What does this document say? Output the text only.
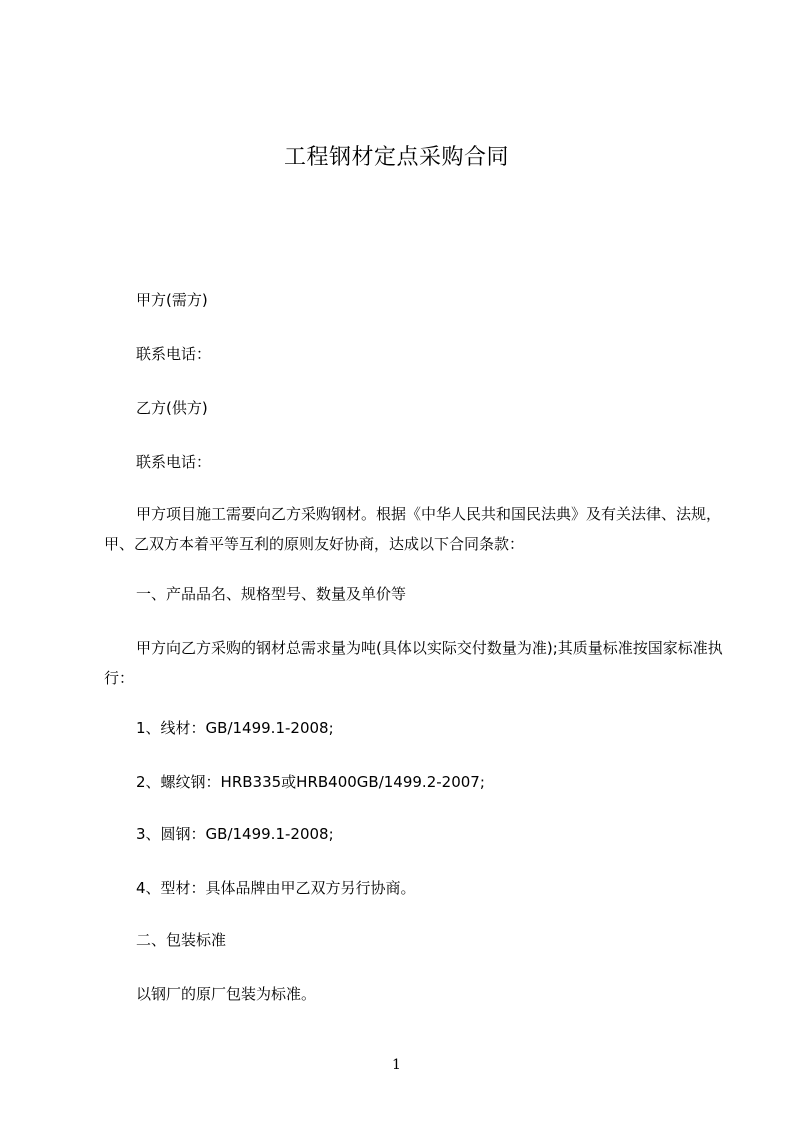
工程钢材定点采购合同
甲方(需方)
联系电话：
乙方(供方)
联系电话：
甲方项目施工需要向乙方采购钢材。根据《中华人民共和国民法典》及有关法律、法规，甲、乙双方本着平等互利的原则友好协商，达成以下合同条款：
一、产品品名、规格型号、数量及单价等
甲方向乙方采购的钢材总需求量为吨(具体以实际交付数量为准);其质量标准按国家标准执行：
1、线材：GB/1499.1-2008;
2、螺纹钢：HRB335或HRB400GB/1499.2-2007;
3、圆钢：GB/1499.1-2008;
4、型材：具体品牌由甲乙双方另行协商。
二、包装标准
以钢厂的原厂包装为标准。
1
